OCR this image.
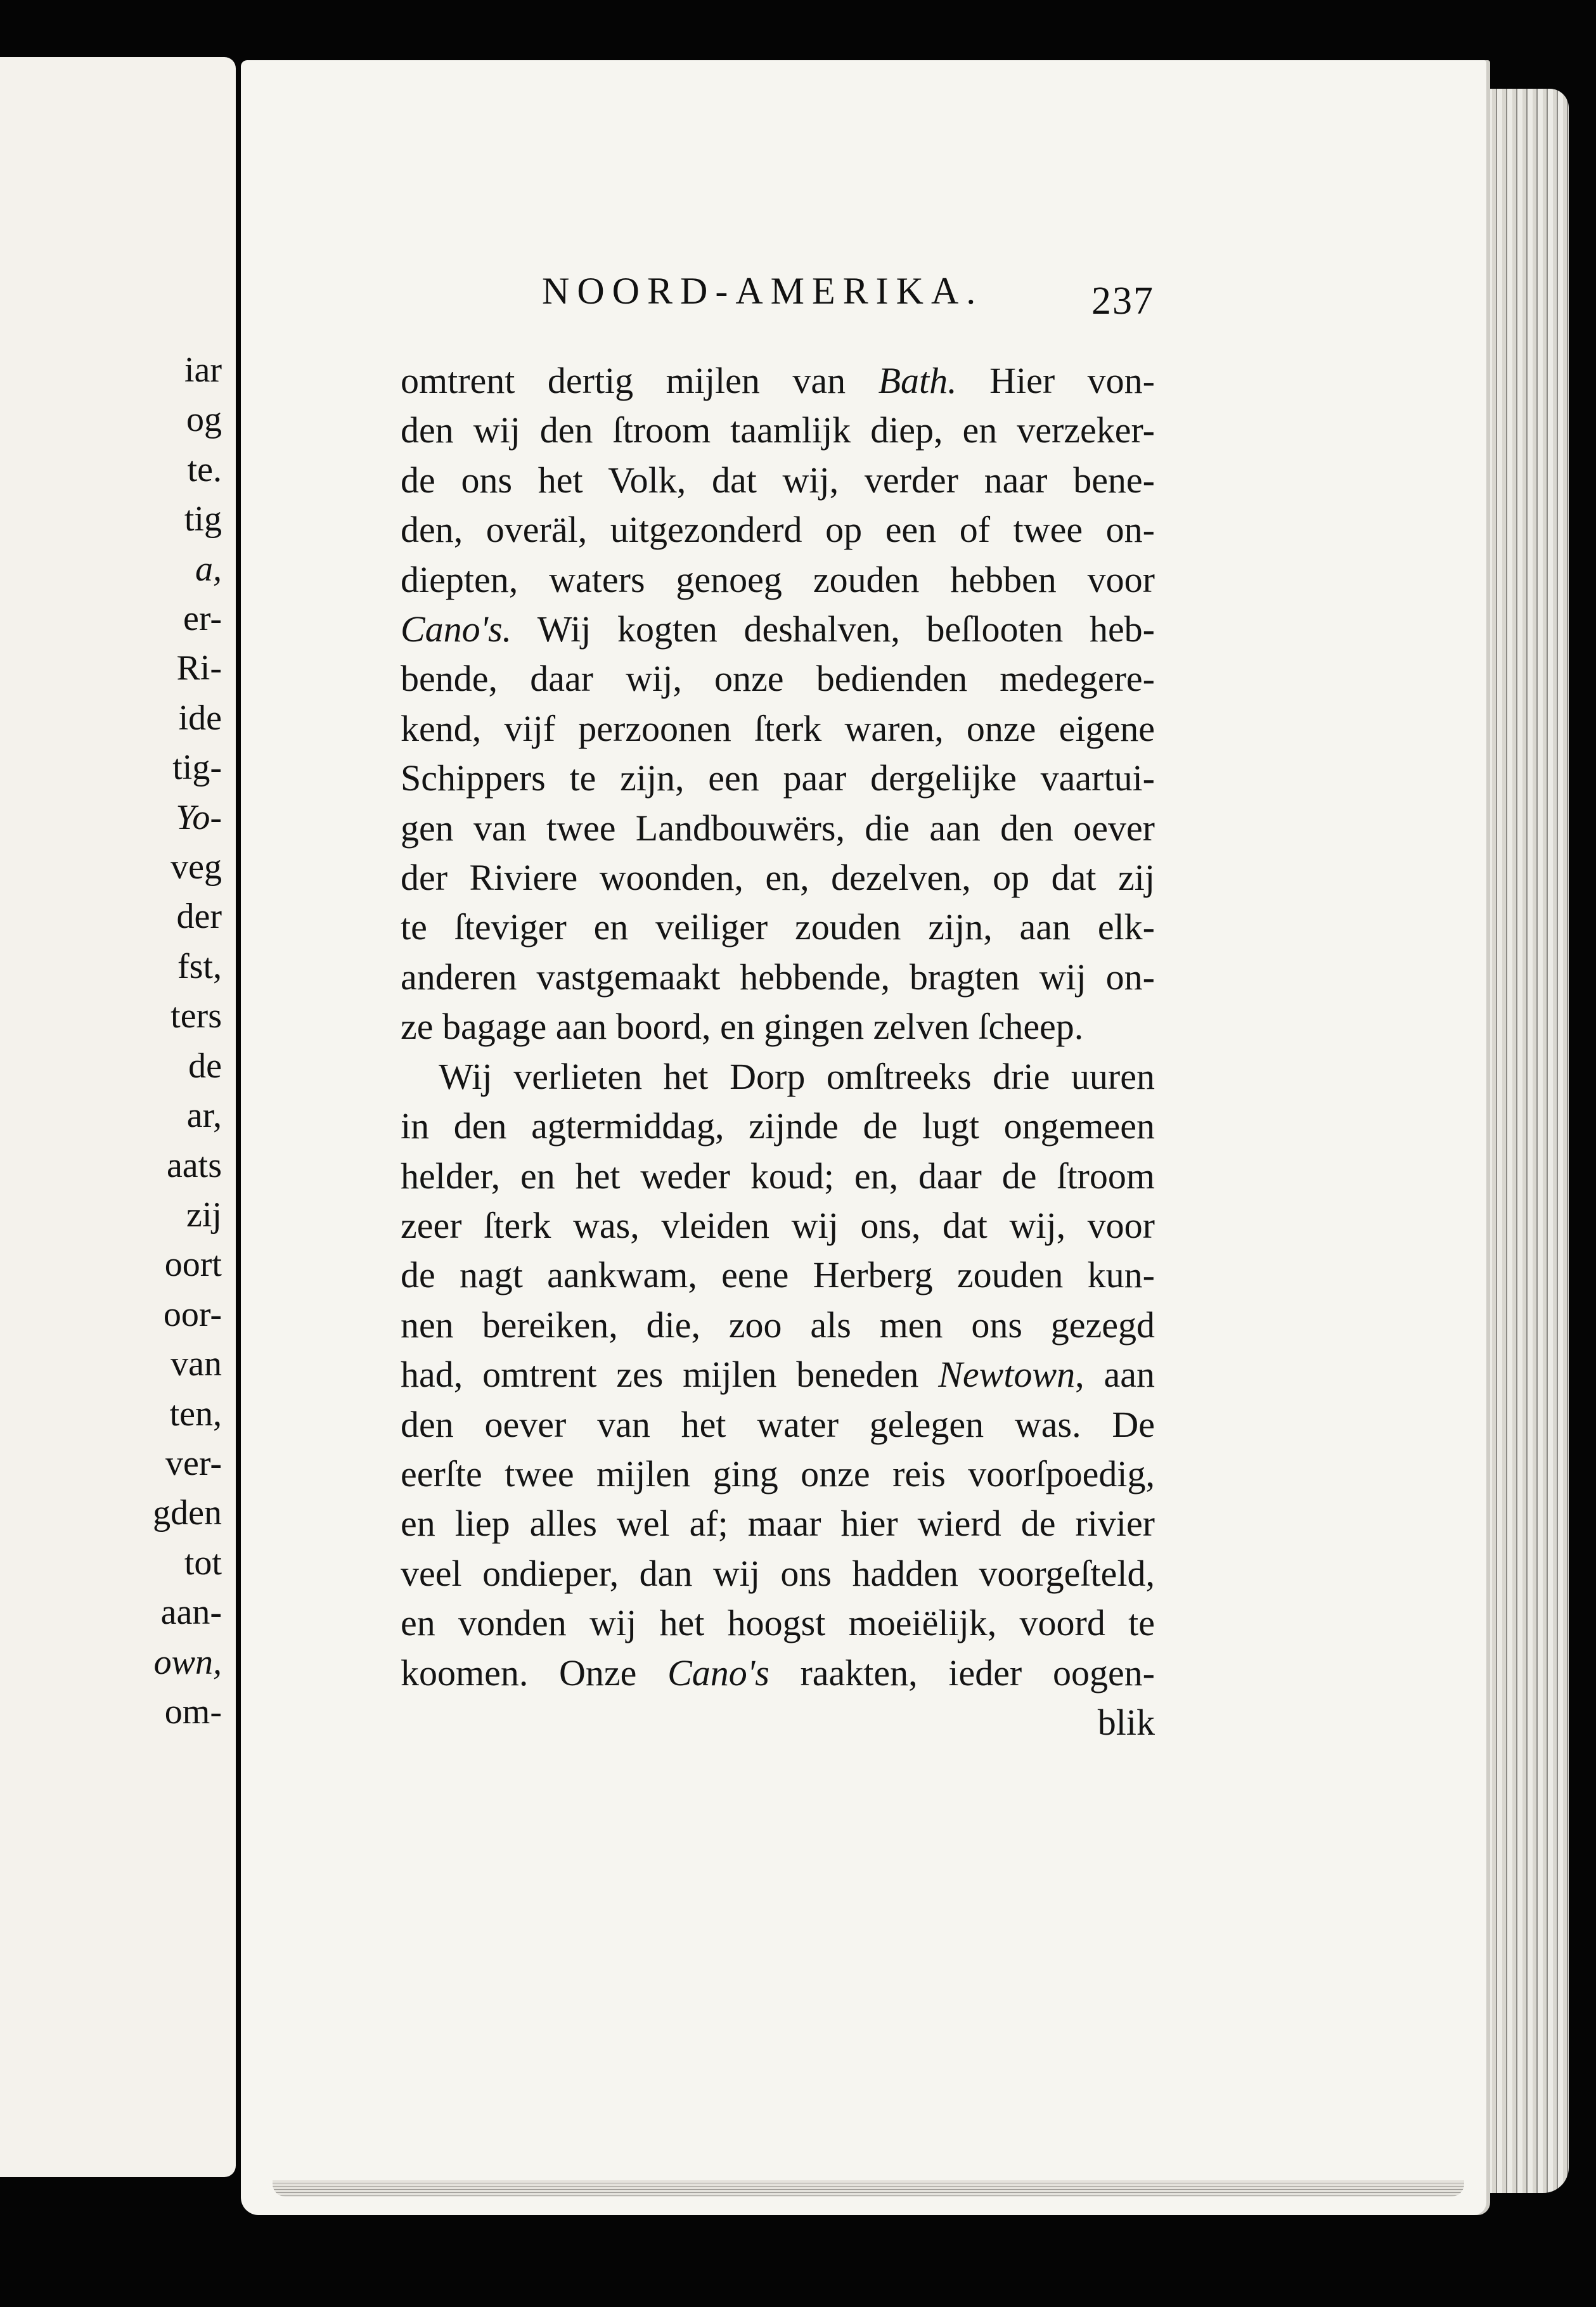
iar
og
te.
tig
a,
er-
Ri-
ide
tig-
Yo-
veg
der
fst,
ters
de
ar,
aats
zij
oort
oor-
van
ten,
ver-
gden
tot
aan-
own,
om-
NOORD-AMERIKA.	237
omtrent dertig mijlen van Bath. Hier von-
den wij den ſtroom taamlijk diep, en verzeker-
de ons het Volk, dat wij, verder naar bene-
den, overäl, uitgezonderd op een of twee on-
diepten, waters genoeg zouden hebben voor
Cano's. Wij kogten deshalven, beſlooten heb-
bende, daar wij, onze bedienden medegere-
kend, vijf perzoonen ſterk waren, onze eigene
Schippers te zijn, een paar dergelijke vaartui-
gen van twee Landbouwërs, die aan den oever
der Riviere woonden, en, dezelven, op dat zij
te ſteviger en veiliger zouden zijn, aan elk-
anderen vastgemaakt hebbende, bragten wij on-
ze bagage aan boord, en gingen zelven ſcheep.
Wij verlieten het Dorp omſtreeks drie uuren
in den agtermiddag, zijnde de lugt ongemeen
helder, en het weder koud; en, daar de ſtroom
zeer ſterk was, vleiden wij ons, dat wij, voor
de nagt aankwam, eene Herberg zouden kun-
nen bereiken, die, zoo als men ons gezegd
had, omtrent zes mijlen beneden Newtown, aan
den oever van het water gelegen was. De
eerſte twee mijlen ging onze reis voorſpoedig,
en liep alles wel af; maar hier wierd de rivier
veel ondieper, dan wij ons hadden voorgeſteld,
en vonden wij het hoogst moeiëlijk, voord te
koomen. Onze Cano's raakten, ieder oogen-
blik
